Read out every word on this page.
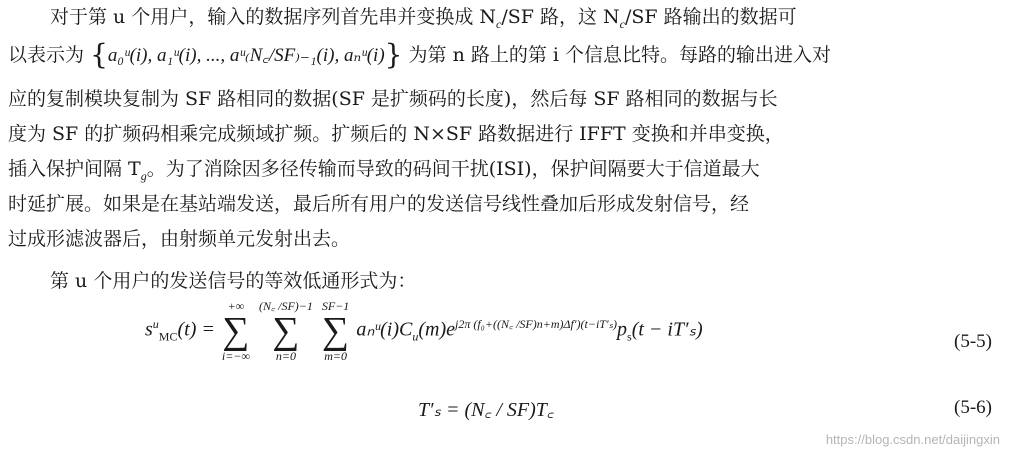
对于第 u 个用户，输入的数据序列首先串并变换成 $N_c/SF$ 路，这 $N_c/SF$ 路输出的数据可
以表示为 {a₀ᵘ(i), a₁ᵘ(i), ..., aᵘ₍N꜀/SF₎₋₁(i), aₙᵘ(i)} 为第 n 路上的第 i 个信息比特。每路的输出进入对
应的复制模块复制为 SF 路相同的数据(SF 是扩频码的长度)，然后每 SF 路相同的数据与长
度为 SF 的扩频码相乘完成频域扩频。扩频后的 N×SF 路数据进行 IFFT 变换和并串变换，
插入保护间隔 $T_g$。为了消除因多径传输而导致的码间干扰(ISI)，保护间隔要大于信道最大
时延扩展。如果是在基站端发送，最后所有用户的发送信号线性叠加后形成发射信号，经
过成形滤波器后，由射频单元发射出去。
第 u 个用户的发送信号的等效低通形式为：
$s^u_{MC}(t)$ =
+∞
∑
i=−∞

(N꜀ /SF)−1
∑
n=0

SF−1
∑
m=0
$a_nᵘ(i)C_u(m)e^{j2\pi (f_0+((N꜀ /SF)n+m)\Delta f')(t-iT'_s)}p_s(t - iT'_s)$
(5-5)
T′ₛ = (N꜀ / SF)T꜀	(5-6)
https://blog.csdn.net/daijingxin
